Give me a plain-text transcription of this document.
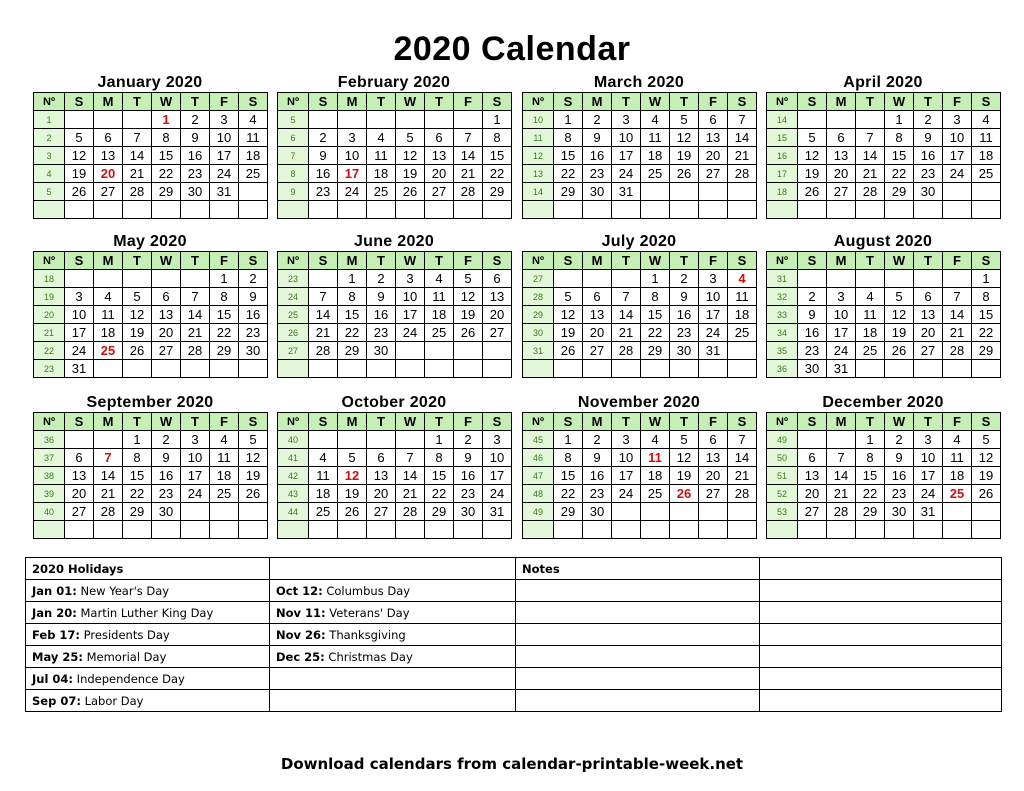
2020 Calendar
January 2020
Nº	S	M	T	W	T	F	S
1				1	2	3	4
2	5	6	7	8	9	10	11
3	12	13	14	15	16	17	18
4	19	20	21	22	23	24	25
5	26	27	28	29	30	31	

February 2020
Nº	S	M	T	W	T	F	S
5							1
6	2	3	4	5	6	7	8
7	9	10	11	12	13	14	15
8	16	17	18	19	20	21	22
9	23	24	25	26	27	28	29

March 2020
Nº	S	M	T	W	T	F	S
10	1	2	3	4	5	6	7
11	8	9	10	11	12	13	14
12	15	16	17	18	19	20	21
13	22	23	24	25	26	27	28
14	29	30	31				

April 2020
Nº	S	M	T	W	T	F	S
14				1	2	3	4
15	5	6	7	8	9	10	11
16	12	13	14	15	16	17	18
17	19	20	21	22	23	24	25
18	26	27	28	29	30		

May 2020
Nº	S	M	T	W	T	F	S
18						1	2
19	3	4	5	6	7	8	9
20	10	11	12	13	14	15	16
21	17	18	19	20	21	22	23
22	24	25	26	27	28	29	30
23	31						
June 2020
Nº	S	M	T	W	T	F	S
23		1	2	3	4	5	6
24	7	8	9	10	11	12	13
25	14	15	16	17	18	19	20
26	21	22	23	24	25	26	27
27	28	29	30				

July 2020
Nº	S	M	T	W	T	F	S
27				1	2	3	4
28	5	6	7	8	9	10	11
29	12	13	14	15	16	17	18
30	19	20	21	22	23	24	25
31	26	27	28	29	30	31	

August 2020
Nº	S	M	T	W	T	F	S
31							1
32	2	3	4	5	6	7	8
33	9	10	11	12	13	14	15
34	16	17	18	19	20	21	22
35	23	24	25	26	27	28	29
36	30	31					
September 2020
Nº	S	M	T	W	T	F	S
36			1	2	3	4	5
37	6	7	8	9	10	11	12
38	13	14	15	16	17	18	19
39	20	21	22	23	24	25	26
40	27	28	29	30			

October 2020
Nº	S	M	T	W	T	F	S
40					1	2	3
41	4	5	6	7	8	9	10
42	11	12	13	14	15	16	17
43	18	19	20	21	22	23	24
44	25	26	27	28	29	30	31

November 2020
Nº	S	M	T	W	T	F	S
45	1	2	3	4	5	6	7
46	8	9	10	11	12	13	14
47	15	16	17	18	19	20	21
48	22	23	24	25	26	27	28
49	29	30					

December 2020
Nº	S	M	T	W	T	F	S
49			1	2	3	4	5
50	6	7	8	9	10	11	12
51	13	14	15	16	17	18	19
52	20	21	22	23	24	25	26
53	27	28	29	30	31		

2020 Holidays		Notes	
Jan 01: New Year's Day	Oct 12: Columbus Day		
Jan 20: Martin Luther King Day	Nov 11: Veterans' Day		
Feb 17: Presidents Day	Nov 26: Thanksgiving		
May 25: Memorial Day	Dec 25: Christmas Day		
Jul 04: Independence Day			
Sep 07: Labor Day			
Download calendars from calendar-printable-week.net
